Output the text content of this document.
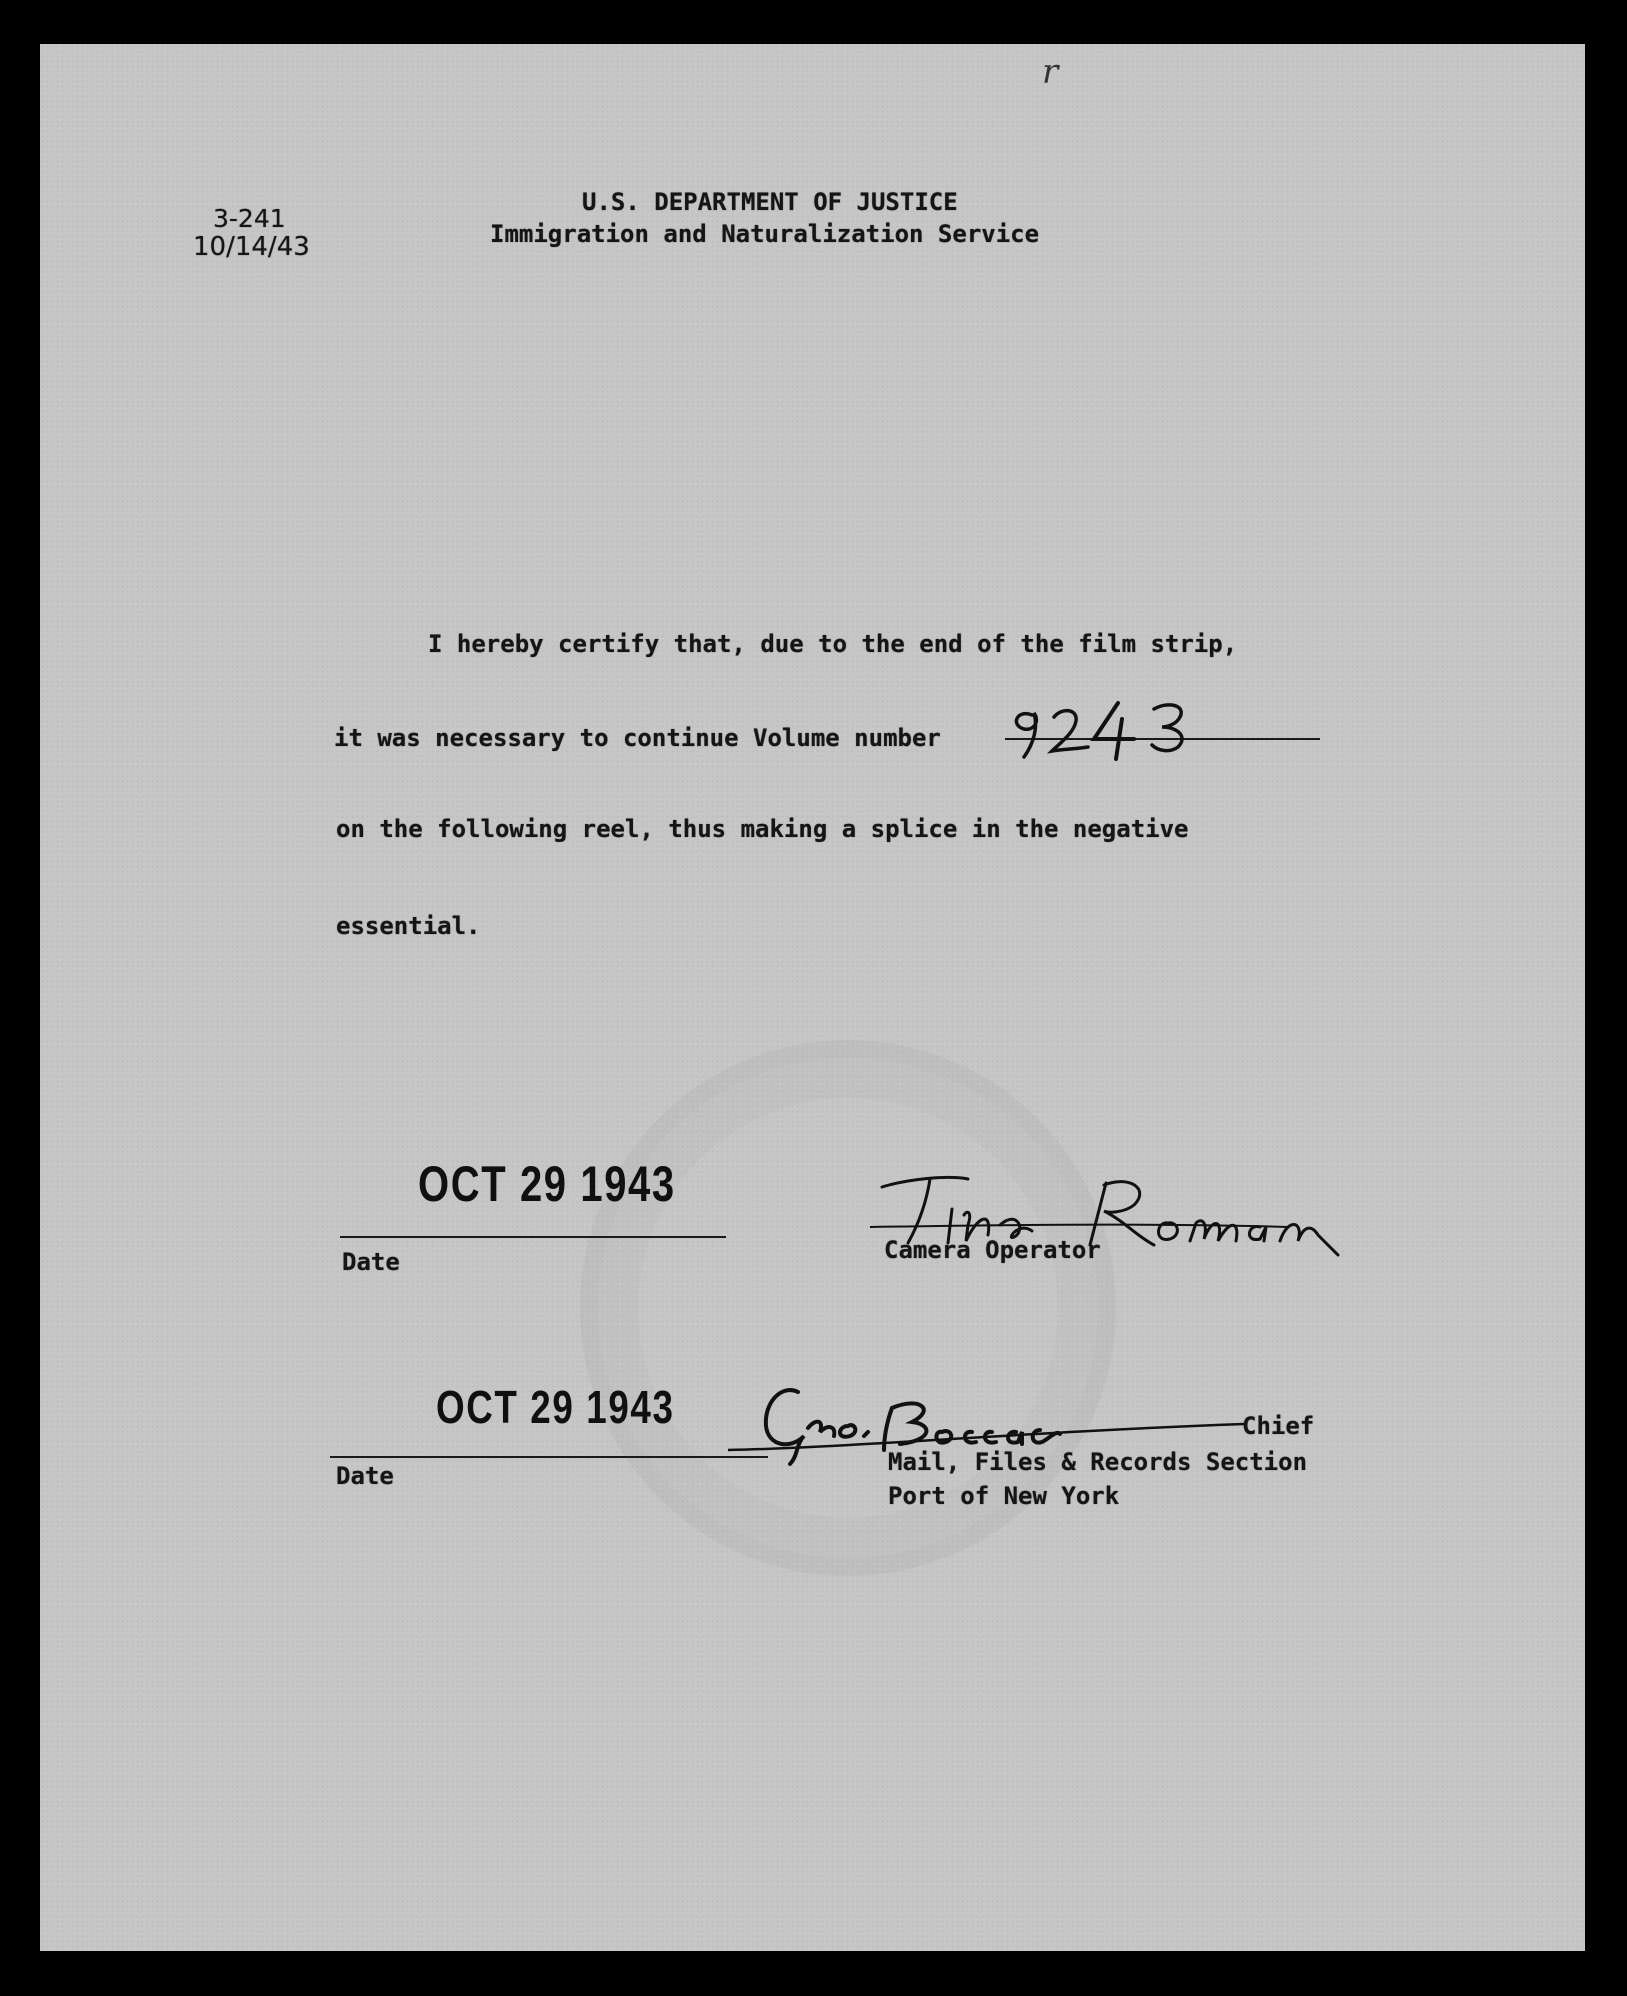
r
3-241
10/14/43
U.S. DEPARTMENT OF JUSTICE
Immigration and Naturalization Service
I hereby certify that, due to the end of the film strip,
it was necessary to continue Volume number
on the following reel, thus making a splice in the negative
essential.
OCT 29 1943
Date	Camera Operator
OCT 29 1943
Date
Chief
Mail, Files & Records Section
Port of New York
